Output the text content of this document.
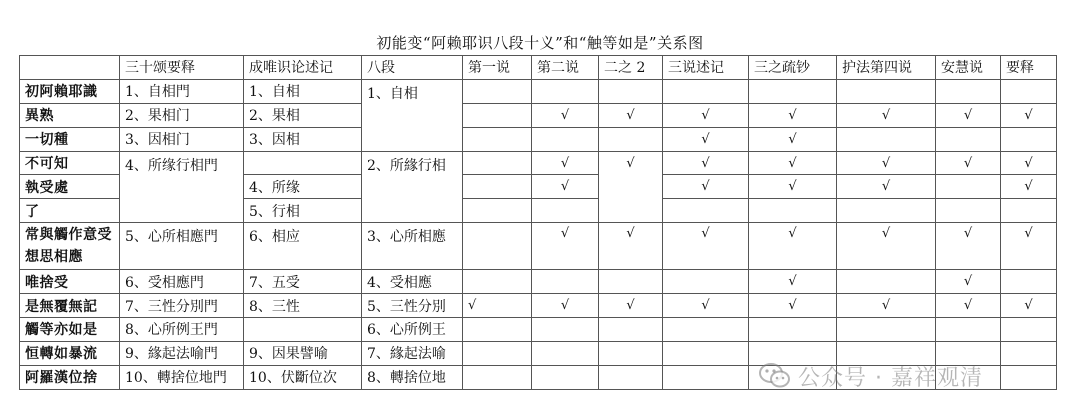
初能变“阿赖耶识八段十义”和“触等如是”关系图
	三十颂要释	成唯识论述记	八段	第一说	第二说	二之 2	三说述记	三之疏钞	护法第四说	安慧说	要释
初阿賴耶識	1、自相門	1、自相	1、自相								
異熟	2、果相门	2、果相			√	√	√	√	√	√	√
一切種	3、因相门	3、因相					√	√			
不可知	4、所缘行相門		2、所緣行相		√	√	√	√	√	√	√
執受處		4、所缘			√		√	√	√		√
了		5、行相									

常與觸作意受想思相應	5、心所相應門	6、相应	3、心所相應		√	√	√	√	√	√	√
唯捨受	6、受相應門	7、五受	4、受相應					√		√	
是無覆無記	7、三性分別門	8、三性	5、三性分別	√	√	√	√	√	√	√	√
觸等亦如是	8、心所例王門		6、心所例王								
恒轉如暴流	9、緣起法喻門	9、因果譬喻	7、緣起法喻								
阿羅漢位捨	10、轉捨位地門	10、伏斷位次	8、轉捨位地									公众号 · 嘉祥观清
